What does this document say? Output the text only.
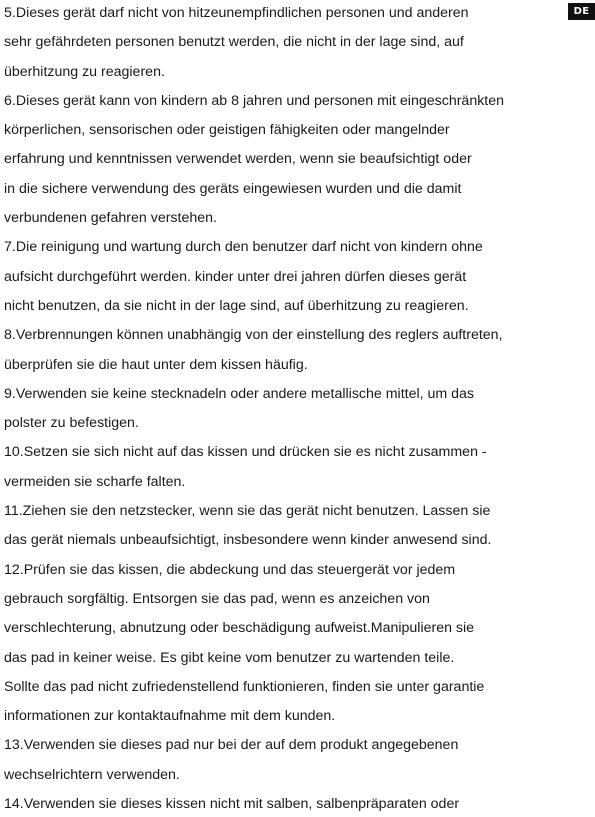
DE
5.Dieses gerät darf nicht von hitzeunempfindlichen personen und anderen
sehr gefährdeten personen benutzt werden, die nicht in der lage sind, auf
überhitzung zu reagieren.
6.Dieses gerät kann von kindern ab 8 jahren und personen mit eingeschränkten
körperlichen, sensorischen oder geistigen fähigkeiten oder mangelnder
erfahrung und kenntnissen verwendet werden, wenn sie beaufsichtigt oder
in die sichere verwendung des geräts eingewiesen wurden und die damit
verbundenen gefahren verstehen.
7.Die reinigung und wartung durch den benutzer darf nicht von kindern ohne
aufsicht durchgeführt werden. kinder unter drei jahren dürfen dieses gerät
nicht benutzen, da sie nicht in der lage sind, auf überhitzung zu reagieren.
8.Verbrennungen können unabhängig von der einstellung des reglers auftreten,
überprüfen sie die haut unter dem kissen häufig.
9.Verwenden sie keine stecknadeln oder andere metallische mittel, um das
polster zu befestigen.
10.Setzen sie sich nicht auf das kissen und drücken sie es nicht zusammen -
vermeiden sie scharfe falten.
11.Ziehen sie den netzstecker, wenn sie das gerät nicht benutzen. Lassen sie
das gerät niemals unbeaufsichtigt, insbesondere wenn kinder anwesend sind.
12.Prüfen sie das kissen, die abdeckung und das steuergerät vor jedem
gebrauch sorgfältig. Entsorgen sie das pad, wenn es anzeichen von
verschlechterung, abnutzung oder beschädigung aufweist.Manipulieren sie
das pad in keiner weise. Es gibt keine vom benutzer zu wartenden teile.
Sollte das pad nicht zufriedenstellend funktionieren, finden sie unter garantie
informationen zur kontaktaufnahme mit dem kunden.
13.Verwenden sie dieses pad nur bei der auf dem produkt angegebenen
wechselrichtern verwenden.
14.Verwenden sie dieses kissen nicht mit salben, salbenpräparaten oder
